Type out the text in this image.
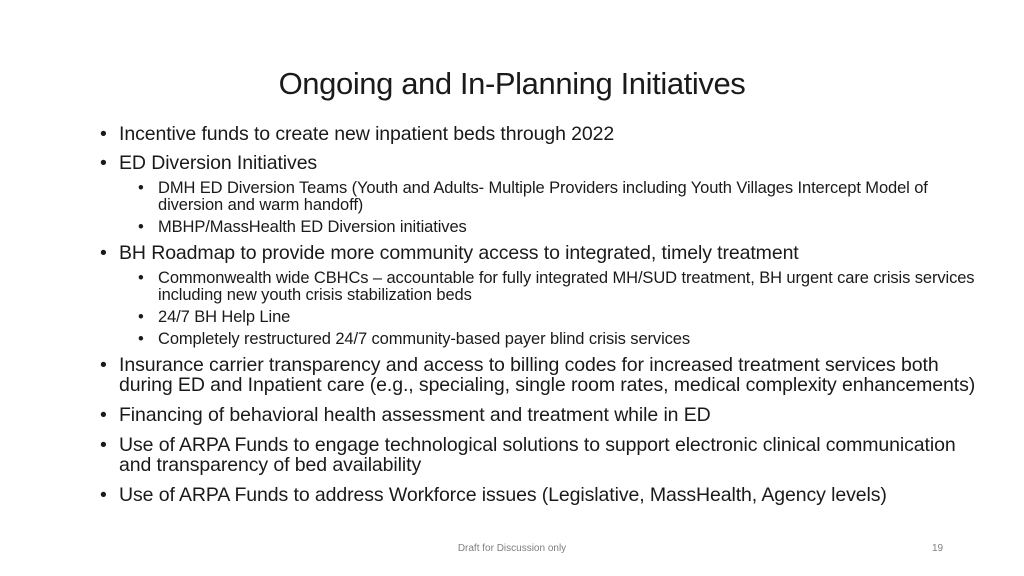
Ongoing and In-Planning Initiatives
• Incentive funds to create new inpatient beds through 2022
• ED Diversion Initiatives
• DMH ED Diversion Teams (Youth and Adults- Multiple Providers including Youth Villages Intercept Model of diversion and warm handoff)
• MBHP/MassHealth ED Diversion initiatives
• BH Roadmap to provide more community access to integrated, timely treatment
• Commonwealth wide CBHCs – accountable for fully integrated MH/SUD treatment, BH urgent care crisis services including new youth crisis stabilization beds
• 24/7 BH Help Line
• Completely restructured 24/7 community-based payer blind crisis services
• Insurance carrier transparency and access to billing codes for increased treatment services both during ED and Inpatient care (e.g., specialing, single room rates, medical complexity enhancements)
• Financing of behavioral health assessment and treatment while in ED
• Use of ARPA Funds to engage technological solutions to support electronic clinical communication and transparency of bed availability
• Use of ARPA Funds to address Workforce issues (Legislative, MassHealth, Agency levels)
Draft for Discussion only	19
